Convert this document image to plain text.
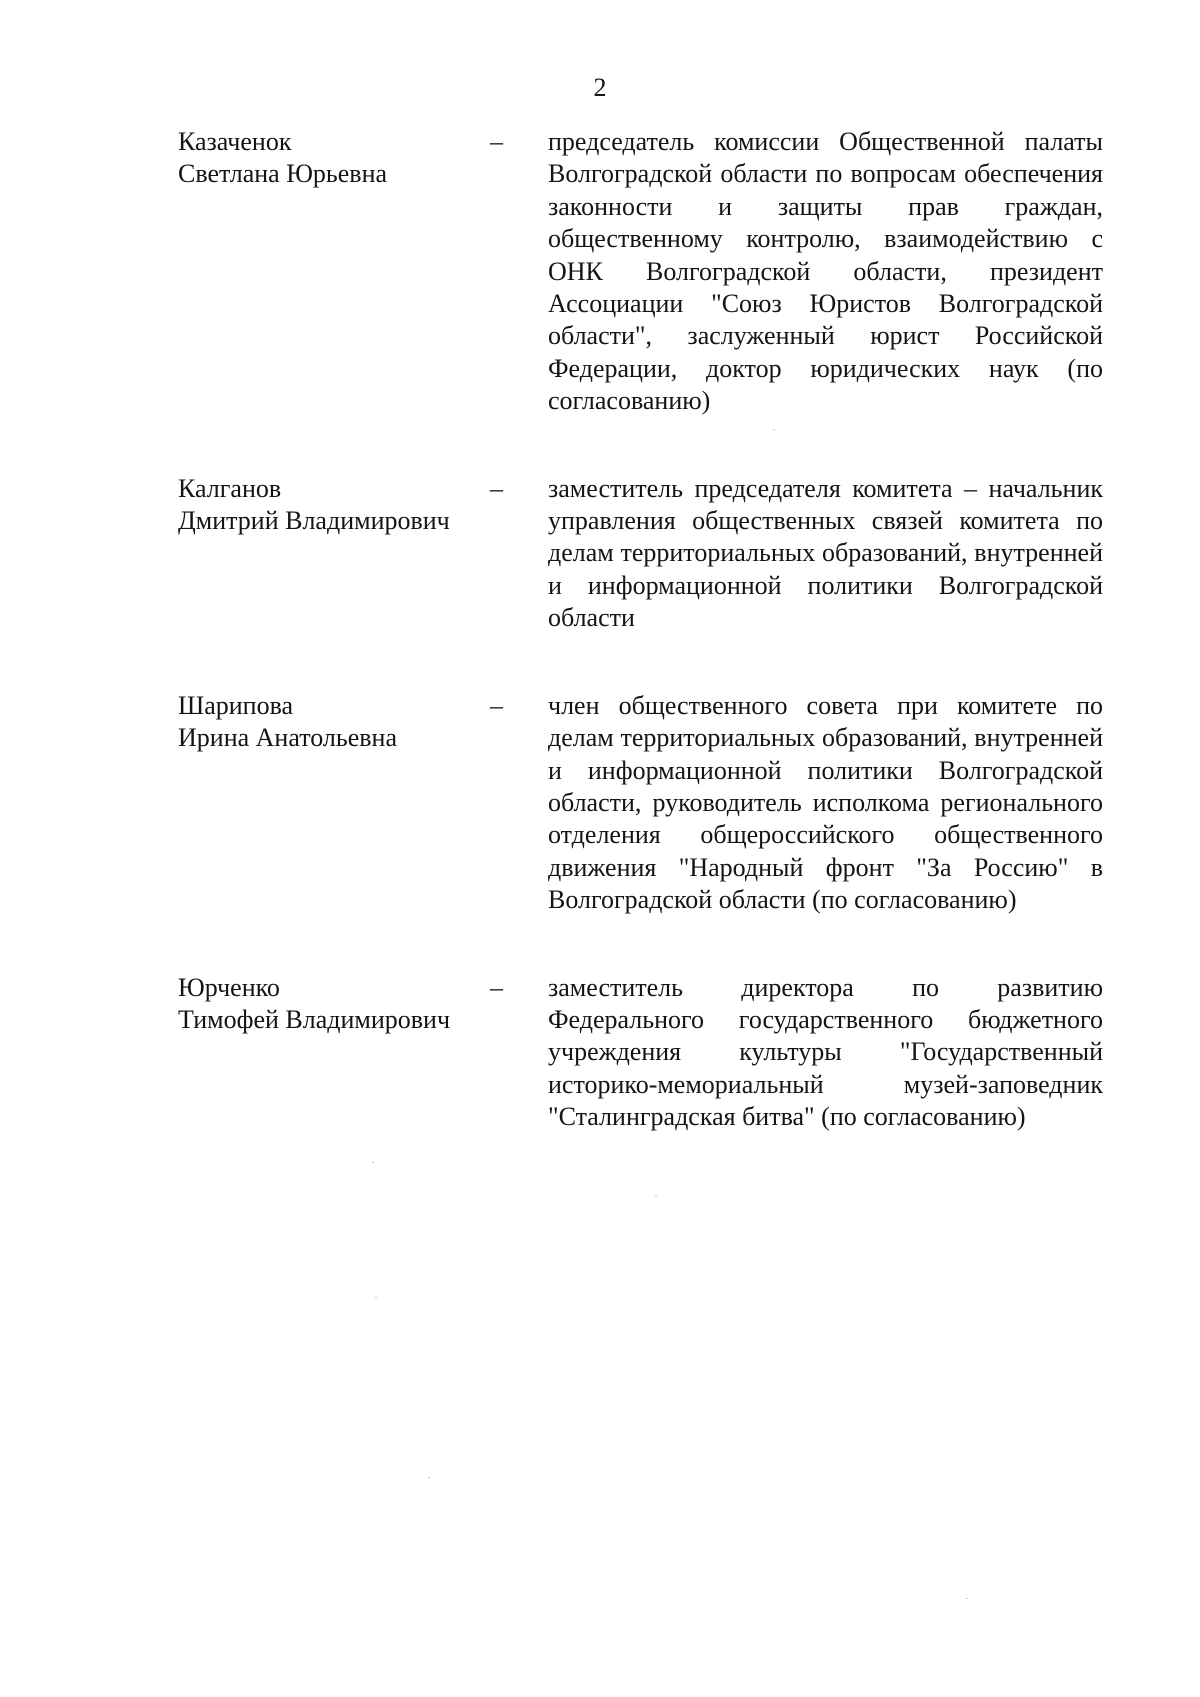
2
Казаченок
Светлана Юрьевна
–	председатель комиссии Общественной палаты Волгоградской области по вопросам обеспечения законности и защиты прав граждан, общественному контролю, взаимодействию с ОНК Волгоградской области, президент Ассоциации "Союз Юристов Волгоградской области", заслуженный юрист Российской Федерации, доктор юридических наук (по согласованию)
Калганов
Дмитрий Владимирович
–	заместитель председателя комитета – начальник управления общественных связей комитета по делам территориальных образований, внутренней и информационной политики Волгоградской области
Шарипова
Ирина Анатольевна
–	член общественного совета при комитете по делам территориальных образований, внутренней и информационной политики Волгоградской области, руководитель исполкома регионального отделения общероссийского общественного движения "Народный фронт "За Россию" в Волгоградской области (по согласованию)
Юрченко
Тимофей Владимирович
–	заместитель директора по развитию Федерального государственного бюджетного учреждения культуры "Государственный историко-мемориальный музей-заповедник "Сталинградская битва" (по согласованию)
